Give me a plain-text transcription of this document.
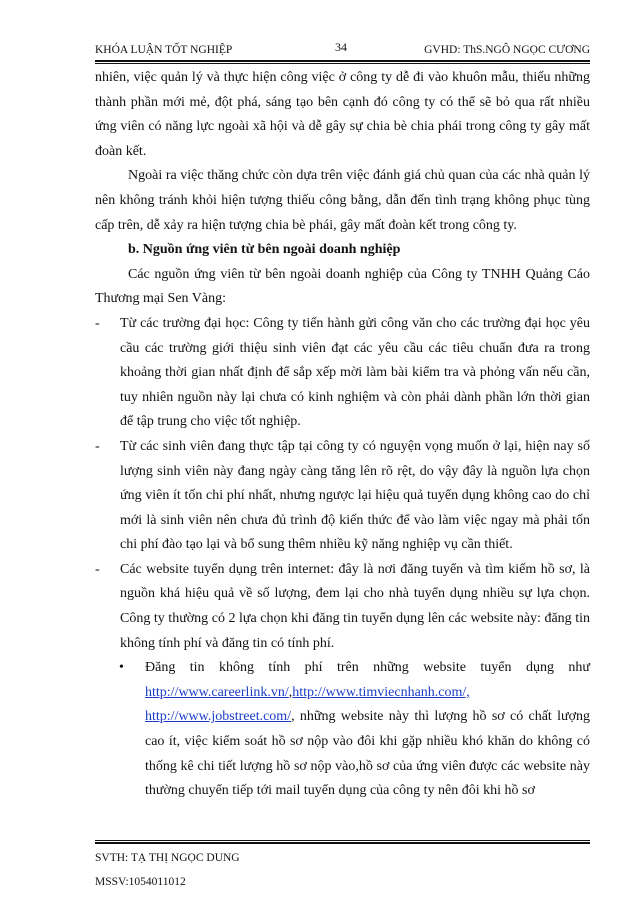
KHÓA LUẬN TỐT NGHIỆP	34	GVHD: ThS.NGÔ NGỌC CƯƠNG

nhiên, việc quản lý và thực hiện công việc ở công ty dễ đi vào khuôn mẫu, thiếu những thành phần mới mẻ, đột phá, sáng tạo bên cạnh đó công ty có thể sẽ bỏ qua rất nhiều ứng viên có năng lực ngoài xã hội và dễ gây sự chia bè chia phái trong công ty gây mất đoàn kết.

Ngoài ra việc thăng chức còn dựa trên việc đánh giá chủ quan của các nhà quản lý nên không tránh khỏi hiện tượng thiếu công bằng, dẫn đến tình trạng không phục tùng cấp trên, dễ xảy ra hiện tượng chia bè phái, gây mất đoàn kết trong công ty.

b. Nguồn ứng viên từ bên ngoài doanh nghiệp

Các nguồn ứng viên từ bên ngoài doanh nghiệp của Công ty TNHH Quảng Cáo Thương mại Sen Vàng:

- Từ các trường đại học: Công ty tiến hành gửi công văn cho các trường đại học yêu cầu các trường giới thiệu sinh viên đạt các yêu cầu các tiêu chuẩn đưa ra trong khoảng thời gian nhất định để sắp xếp mời làm bài kiểm tra và phỏng vấn nếu cần, tuy nhiên nguồn này lại chưa có kinh nghiệm và còn phải dành phần lớn thời gian để tập trung cho việc tốt nghiệp.
- Từ các sinh viên đang thực tập tại công ty có nguyện vọng muốn ở lại, hiện nay số lượng sinh viên này đang ngày càng tăng lên rõ rệt, do vậy đây là nguồn lựa chọn ứng viên ít tốn chi phí nhất, nhưng ngược lại hiệu quả tuyển dụng không cao do chỉ mới là sinh viên nên chưa đủ trình độ kiến thức để vào làm việc ngay mà phải tốn chi phí đào tạo lại và bổ sung thêm nhiều kỹ năng nghiệp vụ cần thiết.
- Các website tuyển dụng trên internet: đây là nơi đăng tuyển và tìm kiếm hồ sơ, là nguồn khá hiệu quả về số lượng, đem lại cho nhà tuyển dụng nhiều sự lựa chọn. Công ty thường có 2 lựa chọn khi đăng tin tuyển dụng lên các website này: đăng tin không tính phí và đăng tin có tính phí.
• Đăng tin không tính phí trên những website tuyển dụng như http://www.careerlink.vn/,http://www.timviecnhanh.com/, http://www.jobstreet.com/, những website này thì lượng hồ sơ có chất lượng cao ít, việc kiểm soát hồ sơ nộp vào đôi khi gặp nhiều khó khăn do không có thống kê chi tiết lượng hồ sơ nộp vào,hồ sơ của ứng viên được các website này thường chuyển tiếp tới mail tuyển dụng của công ty nên đôi khi hồ sơ
SVTH: TẠ THỊ NGỌC DUNG
MSSV:1054011012
